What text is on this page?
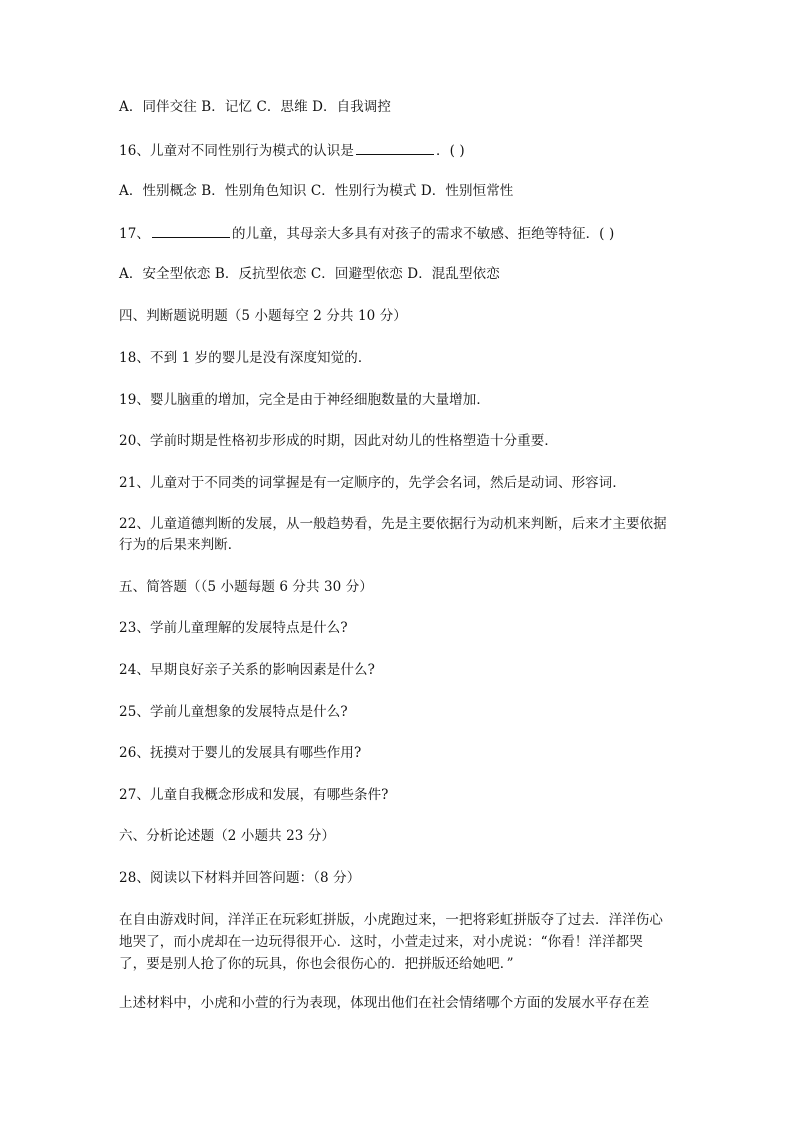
A．同伴交往 B．记忆 C．思维 D．自我调控
16、儿童对不同性别行为模式的认识是	．( )
A．性别概念 B．性别角色知识 C．性别行为模式 D．性别恒常性
17、	的儿童，其母亲大多具有对孩子的需求不敏感、拒绝等特征．( )
A．安全型依恋 B．反抗型依恋 C．回避型依恋 D．混乱型依恋
四、判断题说明题（5 小题每空 2 分共 10 分）
18、不到 1 岁的婴儿是没有深度知觉的．
19、婴儿脑重的增加，完全是由于神经细胞数量的大量增加．
20、学前时期是性格初步形成的时期，因此对幼儿的性格塑造十分重要．
21、儿童对于不同类的词掌握是有一定顺序的，先学会名词，然后是动词、形容词．
22、儿童道德判断的发展，从一般趋势看，先是主要依据行为动机来判断，后来才主要依据行为的后果来判断．
五、简答题（（5 小题每题 6 分共 30 分）
23、学前儿童理解的发展特点是什么?
24、早期良好亲子关系的影响因素是什么?
25、学前儿童想象的发展特点是什么?
26、抚摸对于婴儿的发展具有哪些作用?
27、儿童自我概念形成和发展，有哪些条件?
六、分析论述题（2 小题共 23 分）
28、阅读以下材料并回答问题：（8 分）
在自由游戏时间，洋洋正在玩彩虹拼版，小虎跑过来，一把将彩虹拼版夺了过去．洋洋伤心地哭了，而小虎却在一边玩得很开心．这时，小萱走过来，对小虎说：“你看！洋洋都哭了，要是别人抢了你的玩具，你也会很伤心的．把拼版还给她吧．”
上述材料中，小虎和小萱的行为表现，体现出他们在社会情绪哪个方面的发展水平存在差
